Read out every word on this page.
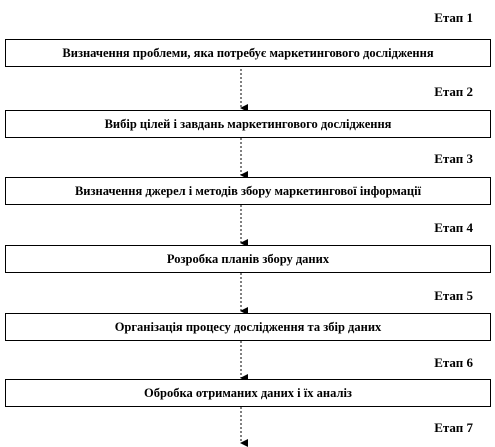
Етап 1
Визначення проблеми, яка потребує маркетингового дослідження
Етап 2
Вибір цілей і завдань маркетингового дослідження
Етап 3
Визначення джерел і методів збору маркетингової інформації
Етап 4
Розробка планів збору даних
Етап 5
Організація процесу дослідження та збір даних
Етап 6
Обробка отриманих даних і їх аналіз
Етап 7
